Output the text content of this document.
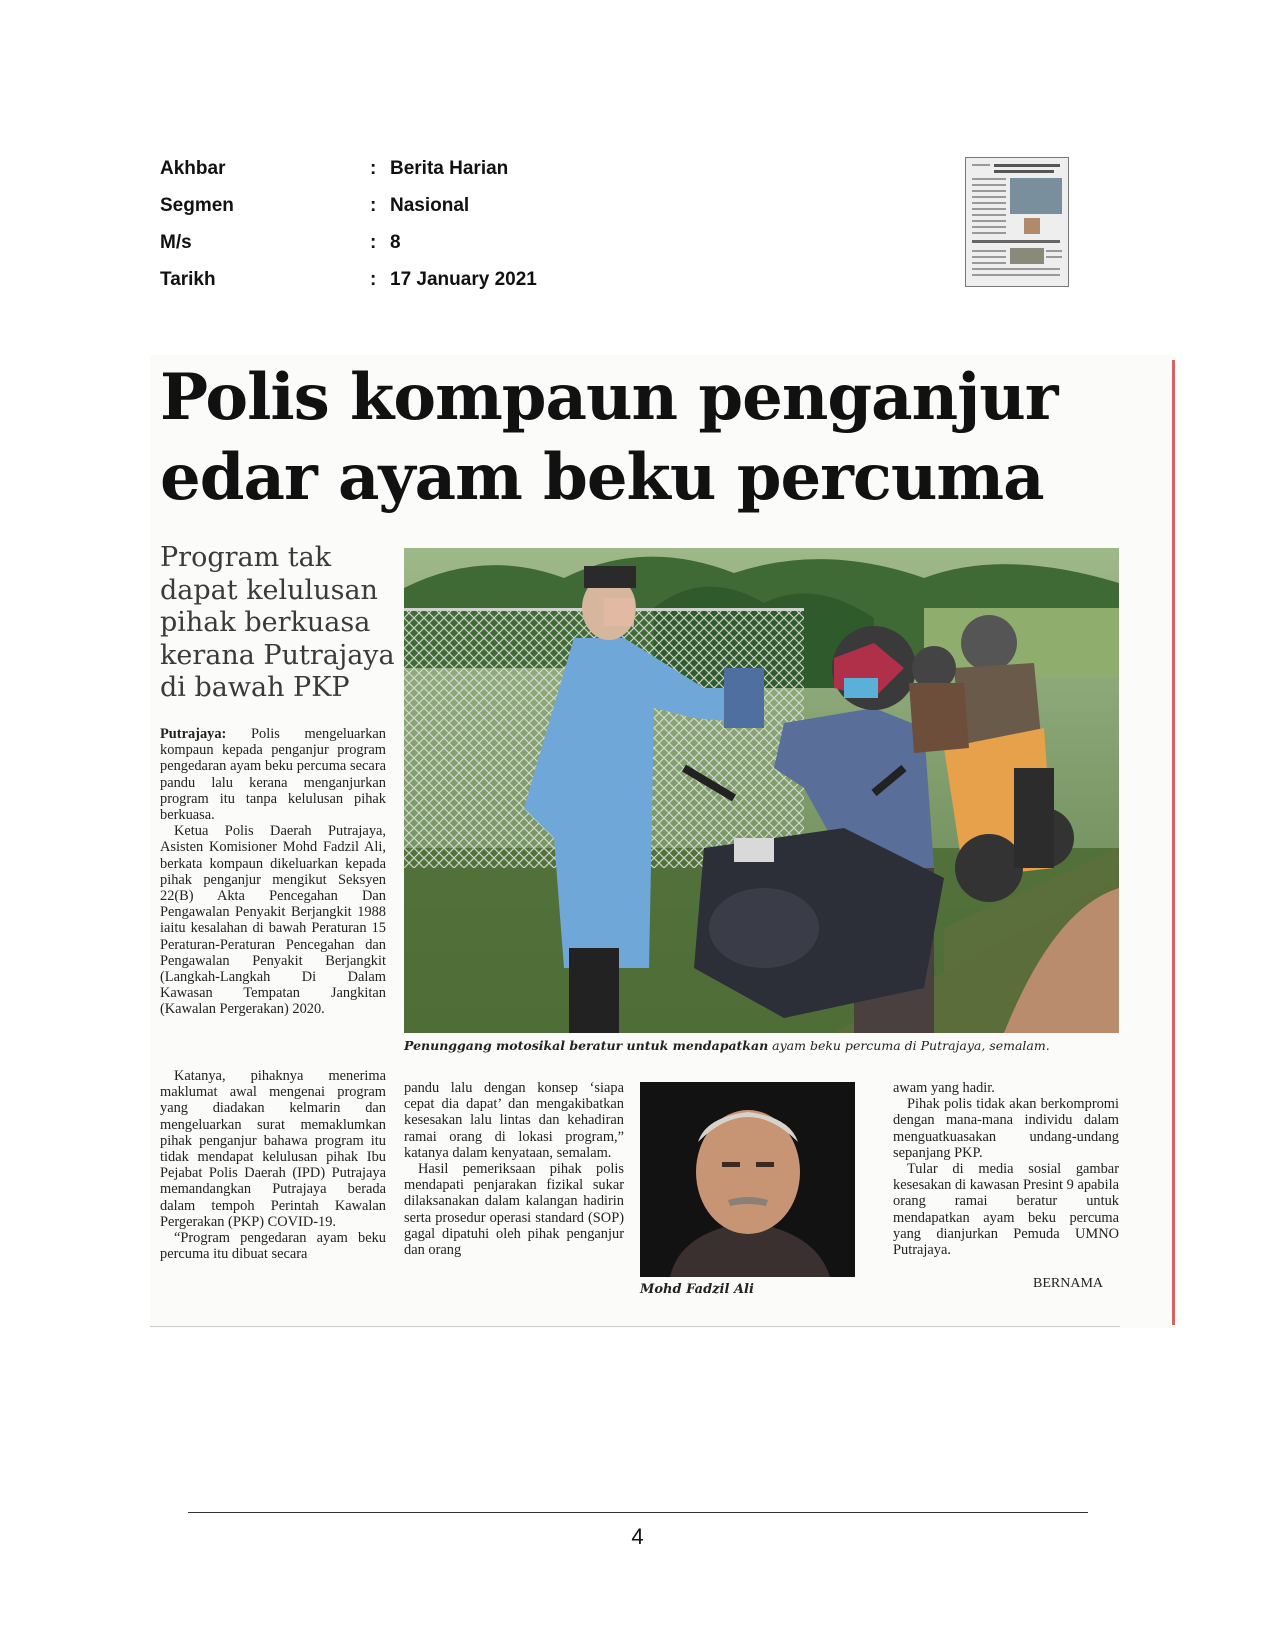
Akhbar	: Berita Harian
Segmen	: Nasional
M/s	: 8
Tarikh	: 17 January 2021
Polis kompaun penganjur
edar ayam beku percuma
Program tak
dapat kelulusan
pihak berkuasa
kerana Putrajaya
di bawah PKP
Penunggang motosikal beratur untuk mendapatkan ayam beku percuma di Putrajaya, semalam.

Putrajaya: Polis mengeluarkan kompaun kepada penganjur program pengedaran ayam beku percuma secara pandu lalu kerana menganjurkan program itu tanpa kelulusan pihak berkuasa.

Ketua Polis Daerah Putrajaya, Asisten Komisioner Mohd Fadzil Ali, berkata kompaun dikeluarkan kepada pihak penganjur mengikut Seksyen 22(B) Akta Pencegahan Dan Pengawalan Penyakit Berjangkit 1988 iaitu kesalahan di bawah Peraturan 15 Peraturan-Peraturan Pencegahan dan Pengawalan Penyakit Berjangkit (Langkah-Langkah Di Dalam Kawasan Tempatan Jangkitan (Kawalan Pergerakan) 2020.

Katanya, pihaknya menerima maklumat awal mengenai program yang diadakan kelmarin dan mengeluarkan surat memaklumkan pihak penganjur bahawa program itu tidak mendapat kelulusan pihak Ibu Pejabat Polis Daerah (IPD) Putrajaya memandangkan Putrajaya berada dalam tempoh Perintah Kawalan Pergerakan (PKP) COVID-19.

“Program pengedaran ayam beku percuma itu dibuat secara

pandu lalu dengan konsep ‘siapa cepat dia dapat’ dan mengakibatkan kesesakan lalu lintas dan kehadiran ramai orang di lokasi program,” katanya dalam kenyataan, semalam.

Hasil pemeriksaan pihak polis mendapati penjarakan fizikal sukar dilaksanakan dalam kalangan hadirin serta prosedur operasi standard (SOP) gagal dipatuhi oleh pihak penganjur dan orang

Mohd Fadzil Ali

awam yang hadir.

Pihak polis tidak akan berkompromi dengan mana-mana individu dalam menguatkuasakan undang-undang sepanjang PKP.

Tular di media sosial gambar kesesakan di kawasan Presint 9 apabila orang ramai beratur untuk mendapatkan ayam beku percuma yang dianjurkan Pemuda UMNO Putrajaya.

BERNAMA
4
